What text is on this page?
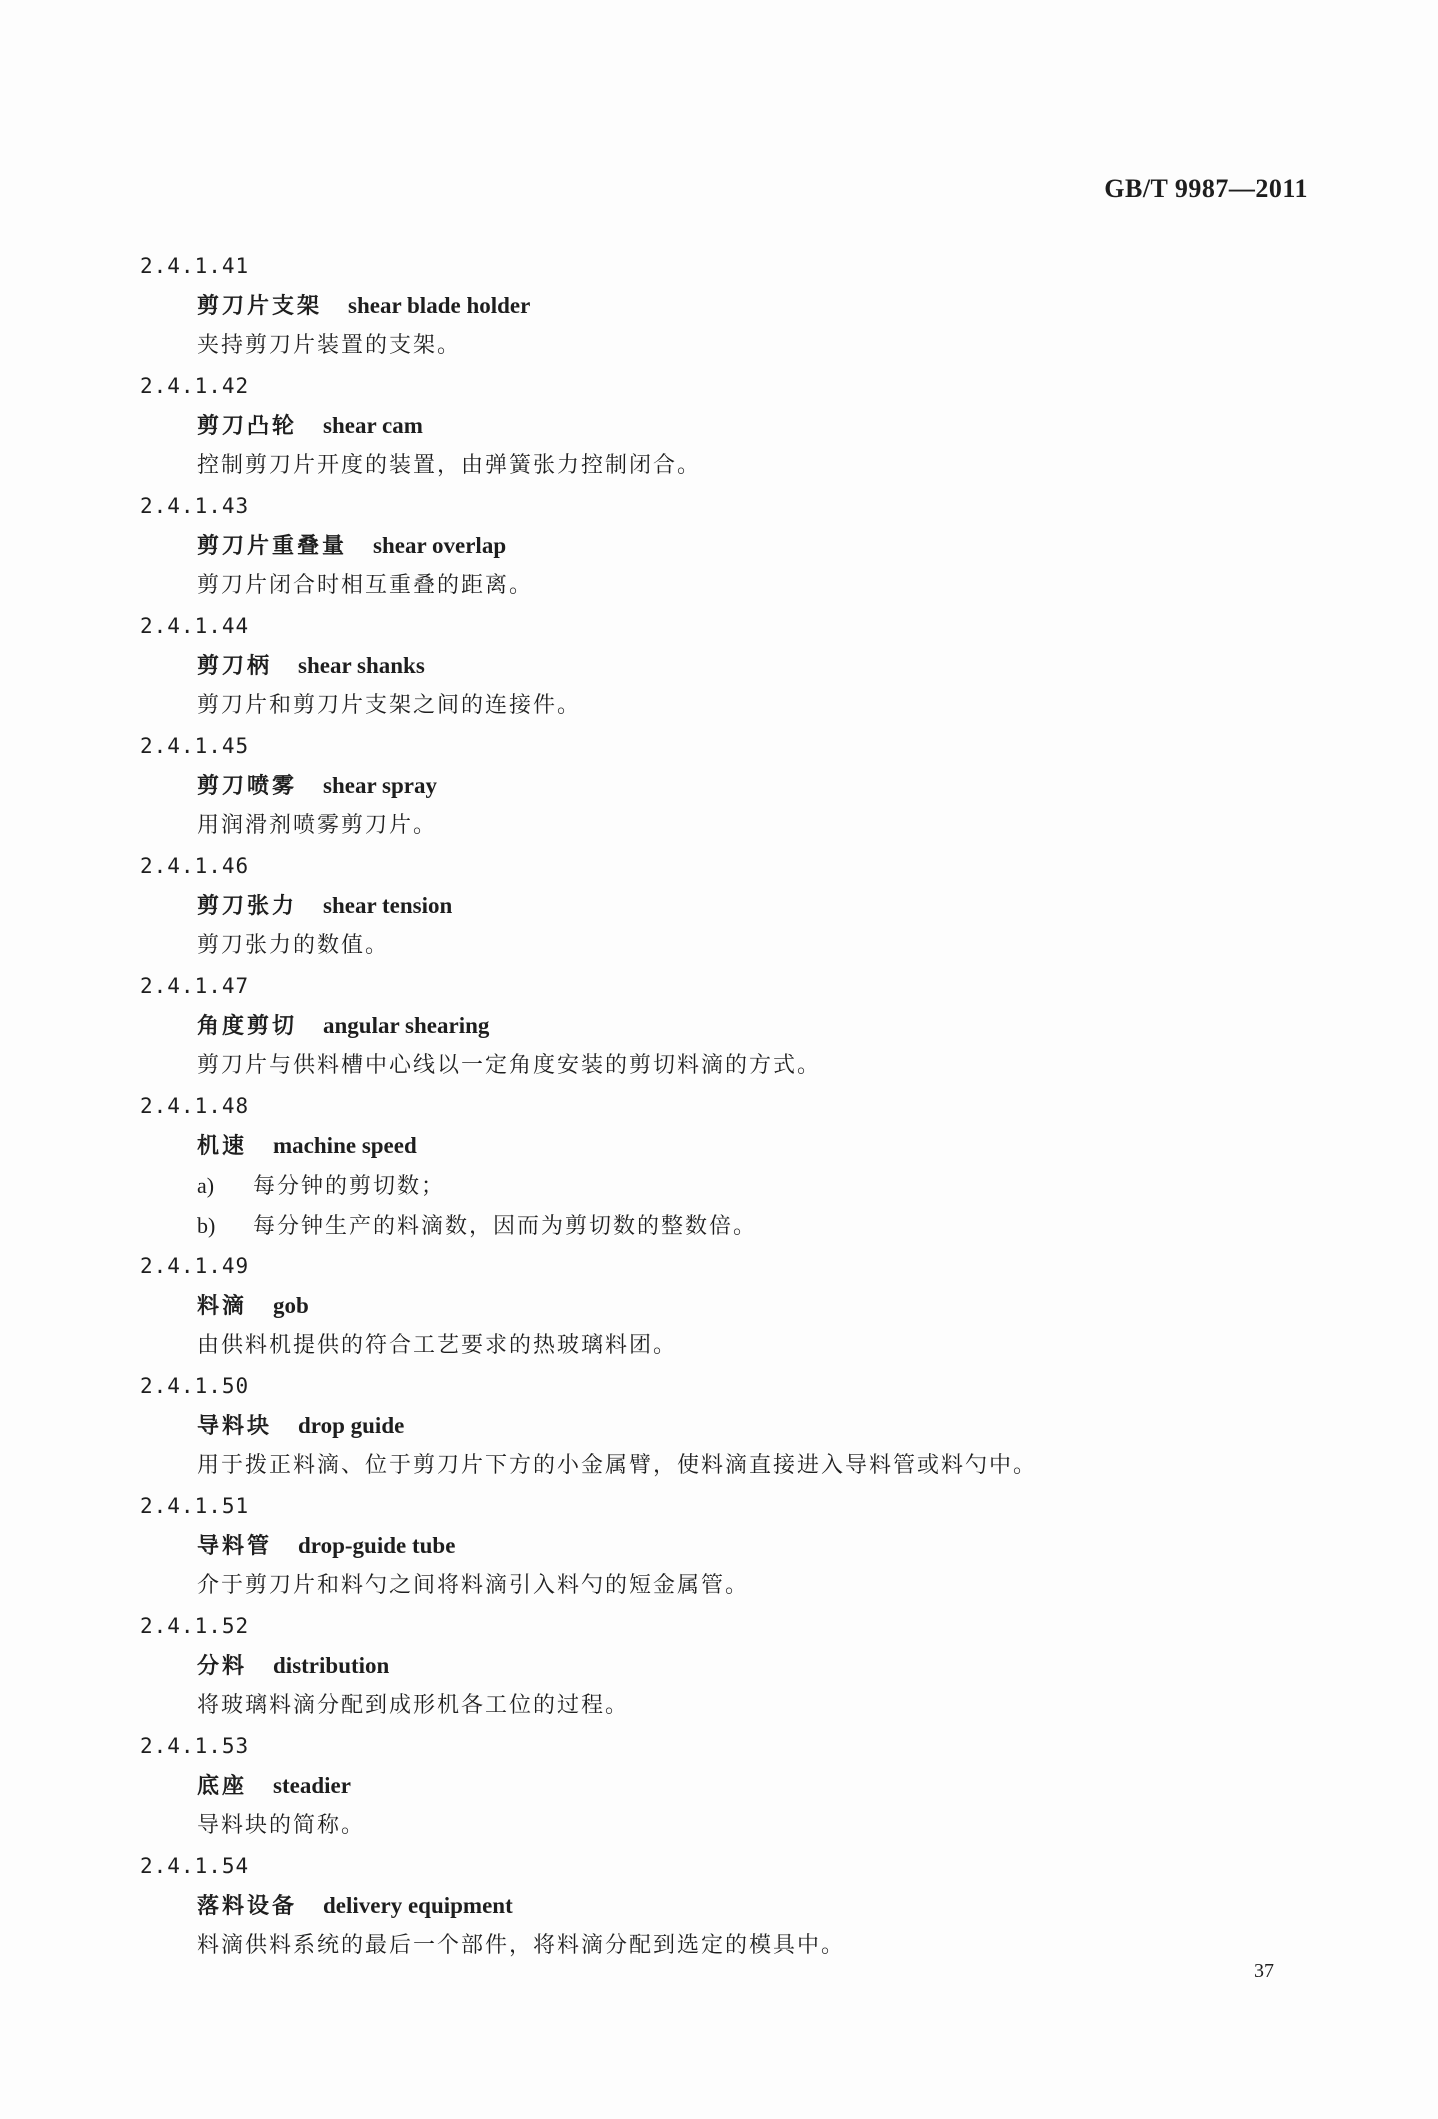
GB/T 9987—2011
2.4.1.41
剪刀片支架 shear blade holder
夹持剪刀片装置的支架。
2.4.1.42
剪刀凸轮 shear cam
控制剪刀片开度的装置，由弹簧张力控制闭合。
2.4.1.43
剪刀片重叠量 shear overlap
剪刀片闭合时相互重叠的距离。
2.4.1.44
剪刀柄 shear shanks
剪刀片和剪刀片支架之间的连接件。
2.4.1.45
剪刀喷雾 shear spray
用润滑剂喷雾剪刀片。
2.4.1.46
剪刀张力 shear tension
剪刀张力的数值。
2.4.1.47
角度剪切 angular shearing
剪刀片与供料槽中心线以一定角度安装的剪切料滴的方式。
2.4.1.48
机速 machine speed
a) 每分钟的剪切数；
b) 每分钟生产的料滴数，因而为剪切数的整数倍。
2.4.1.49
料滴 gob
由供料机提供的符合工艺要求的热玻璃料团。
2.4.1.50
导料块 drop guide
用于拨正料滴、位于剪刀片下方的小金属臂，使料滴直接进入导料管或料勺中。
2.4.1.51
导料管 drop-guide tube
介于剪刀片和料勺之间将料滴引入料勺的短金属管。
2.4.1.52
分料 distribution
将玻璃料滴分配到成形机各工位的过程。
2.4.1.53
底座 steadier
导料块的简称。
2.4.1.54
落料设备 delivery equipment
料滴供料系统的最后一个部件，将料滴分配到选定的模具中。
37
